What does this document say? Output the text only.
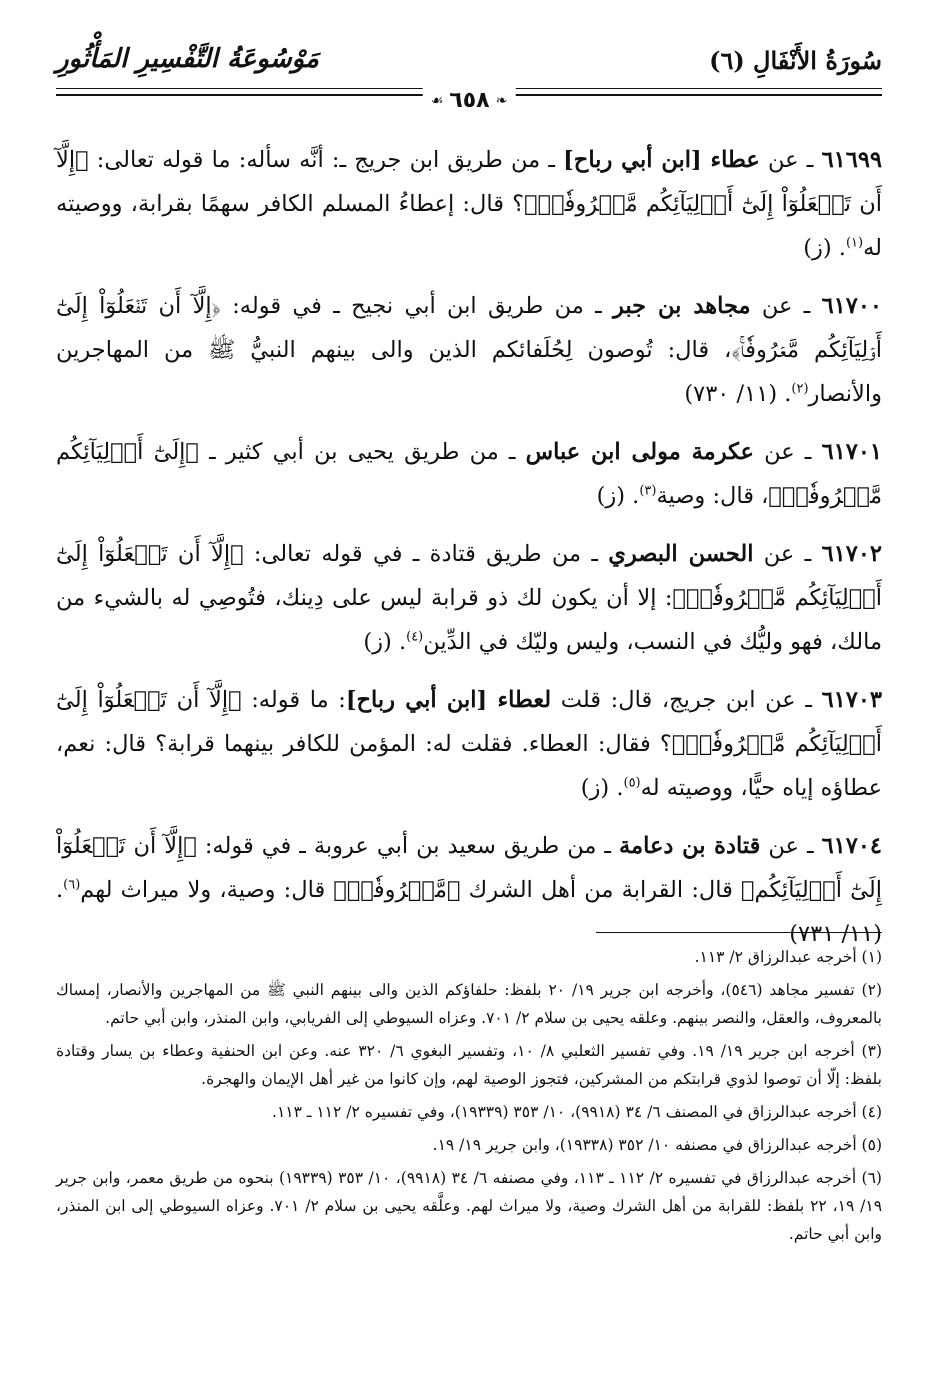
سُورَةُ الأَنْفَالِ (٦)
مَوْسُوعَةُ التَّفْسِيرِ المَأْثُورِ
❧
٦٥٨
☙

٦١٦٩٩ ـ عن عطاء [ابن أبي رباح] ـ من طريق ابن جريج ـ: أنَّه سأله: ما قوله تعالى: ﴿إِلَّآ أَن تَفۡعَلُوٓاْ إِلَىٰٓ أَوۡلِيَآئِكُم مَّعۡرُوفٗاۚ﴾؟ قال: إعطاءُ المسلم الكافر سهمًا بقرابة، ووصيته له$^{(١)}$. (ز)

٦١٧٠٠ ـ عن مجاهد بن جبر ـ من طريق ابن أبي نجيح ـ في قوله: ﴿إِلَّآ أَن تَفۡعَلُوٓاْ إِلَىٰٓ أَوۡلِيَآئِكُم مَّعۡرُوفٗاۚ﴾، قال: تُوصون لِحُلَفائكم الذين والى بينهم النبيُّ ﷺ من المهاجرين والأنصار$^{(٢)}$. (١١/ ٧٣٠)

٦١٧٠١ ـ عن عكرمة مولى ابن عباس ـ من طريق يحيى بن أبي كثير ـ ﴿إِلَىٰٓ أَوۡلِيَآئِكُم مَّعۡرُوفٗاۚ﴾، قال: وصية$^{(٣)}$. (ز)

٦١٧٠٢ ـ عن الحسن البصري ـ من طريق قتادة ـ في قوله تعالى: ﴿إِلَّآ أَن تَفۡعَلُوٓاْ إِلَىٰٓ أَوۡلِيَآئِكُم مَّعۡرُوفٗاۚ﴾: إلا أن يكون لك ذو قرابة ليس على دِينك، فتُوصِي له بالشيء من مالك، فهو وليُّك في النسب، وليس وليّك في الدِّين$^{(٤)}$. (ز)

٦١٧٠٣ ـ عن ابن جريج، قال: قلت لعطاء [ابن أبي رباح]: ما قوله: ﴿إِلَّآ أَن تَفۡعَلُوٓاْ إِلَىٰٓ أَوۡلِيَآئِكُم مَّعۡرُوفٗاۚ﴾؟ فقال: العطاء. فقلت له: المؤمن للكافر بينهما قرابة؟ قال: نعم، عطاؤه إياه حيًّا، ووصيته له$^{(٥)}$. (ز)

٦١٧٠٤ ـ عن قتادة بن دعامة ـ من طريق سعيد بن أبي عروبة ـ في قوله: ﴿إِلَّآ أَن تَفۡعَلُوٓاْ إِلَىٰٓ أَوۡلِيَآئِكُم﴾ قال: القرابة من أهل الشرك ﴿مَّعۡرُوفٗاۚ﴾ قال: وصية، ولا ميراث لهم$^{(٦)}$. (١١/ ٧٣١)

(١) أخرجه عبدالرزاق ٢/ ١١٣.

(٢) تفسير مجاهد (٥٤٦)، وأخرجه ابن جرير ١٩/ ٢٠ بلفظ: حلفاؤكم الذين والى بينهم النبي ﷺ من المهاجرين والأنصار، إمساك بالمعروف، والعقل، والنصر بينهم. وعلقه يحيى بن سلام ٢/ ٧٠١. وعزاه السيوطي إلى الفريابي، وابن المنذر، وابن أبي حاتم.

(٣) أخرجه ابن جرير ١٩/ ١٩. وفي تفسير الثعلبي ٨/ ١٠، وتفسير البغوي ٦/ ٣٢٠ عنه. وعن ابن الحنفية وعطاء بن يسار وقتادة بلفظ: إلّا أن توصوا لذوي قرابتكم من المشركين، فتجوز الوصية لهم، وإن كانوا من غير أهل الإيمان والهجرة.

(٤) أخرجه عبدالرزاق في المصنف ٦/ ٣٤ (٩٩١٨)، ١٠/ ٣٥٣ (١٩٣٣٩)، وفي تفسيره ٢/ ١١٢ ـ ١١٣.

(٥) أخرجه عبدالرزاق في مصنفه ١٠/ ٣٥٢ (١٩٣٣٨)، وابن جرير ١٩/ ١٩.

(٦) أخرجه عبدالرزاق في تفسيره ٢/ ١١٢ ـ ١١٣، وفي مصنفه ٦/ ٣٤ (٩٩١٨)، ١٠/ ٣٥٣ (١٩٣٣٩) بنحوه من طريق معمر، وابن جرير ١٩/ ١٩، ٢٢ بلفظ: للقرابة من أهل الشرك وصية، ولا ميراث لهم. وعلَّقه يحيى بن سلام ٢/ ٧٠١. وعزاه السيوطي إلى ابن المنذر، وابن أبي حاتم.
